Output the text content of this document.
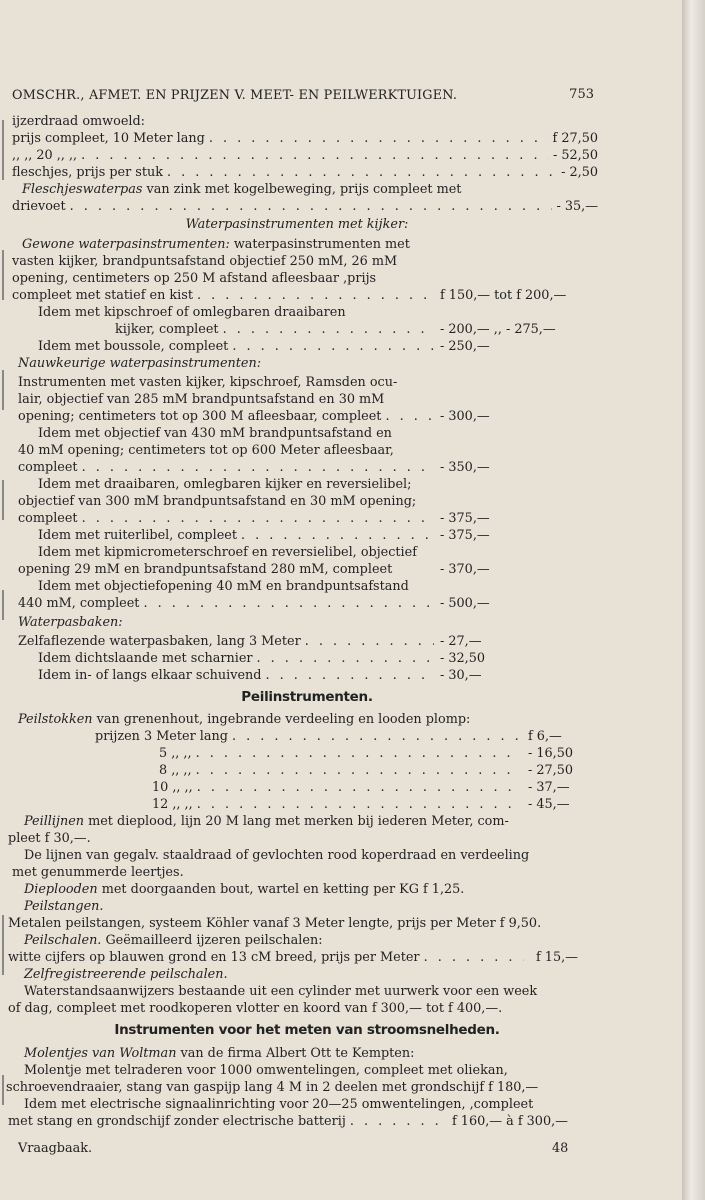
OMSCHR., AFMET. EN PRIJZEN V. MEET- EN PEILWERKTUIGEN.	753
ijzerdraad omwoeld:
prijs compleet, 10 Meter lang . . .	f 27,50
,, ,, 20 ,, ,, . . .	- 52,50
fleschjes, prijs per stuk . . .	- 2,50
Fleschjeswaterpas van zink met kogelbeweging, prijs compleet met
drievoet . . .	- 35,—
Waterpasinstrumenten met kijker:
Gewone waterpasinstrumenten: waterpasinstrumenten met
vasten kijker, brandpuntsafstand objectief 250 mM, 26 mM
opening, centimeters op 250 M afstand afleesbaar ,prijs
compleet met statief en kist . . .	f 150,— tot f 200,—
Idem met kipschroef of omlegbaren draaibaren
kijker, compleet . . .	- 200,— ,, - 275,—
Idem met boussole, compleet . . .	- 250,—
Nauwkeurige waterpasinstrumenten:
Instrumenten met vasten kijker, kipschroef, Ramsden ocu-
lair, objectief van 285 mM brandpuntsafstand en 30 mM
opening; centimeters tot op 300 M afleesbaar, compleet . . .	- 300,—
Idem met objectief van 430 mM brandpuntsafstand en
40 mM opening; centimeters tot op 600 Meter afleesbaar,
compleet . . .	- 350,—
Idem met draaibaren, omlegbaren kijker en reversielibel;
objectief van 300 mM brandpuntsafstand en 30 mM opening;
compleet . . .	- 375,—
Idem met ruiterlibel, compleet . . .	- 375,—
Idem met kipmicrometerschroef en reversielibel, objectief
opening 29 mM en brandpuntsafstand 280 mM, compleet	- 370,—
Idem met objectiefopening 40 mM en brandpuntsafstand
440 mM, compleet . . .	- 500,—
Waterpasbaken:
Zelfaflezende waterpasbaken, lang 3 Meter . . .	- 27,—
Idem dichtslaande met scharnier . . .	- 32,50
Idem in- of langs elkaar schuivend . . .	- 30,—
Peilinstrumenten.
Peilstokken van grenenhout, ingebrande verdeeling en looden plomp:
prijzen 3 Meter lang . . .	f 6,—
5 ,, ,, . . .	- 16,50
8 ,, ,, . . .	- 27,50
10 ,, ,, . . .	- 37,—
12 ,, ,, . . .	- 45,—
Peillijnen met dieplood, lijn 20 M lang met merken bij iederen Meter, com-
pleet f 30,—.
De lijnen van gegalv. staaldraad of gevlochten rood koperdraad en verdeeling
met genummerde leertjes.
Dieplooden met doorgaanden bout, wartel en ketting per KG f 1,25.
Peilstangen.
Metalen peilstangen, systeem Köhler vanaf 3 Meter lengte, prijs per Meter f 9,50.
Peilschalen. Geëmailleerd ijzeren peilschalen:
witte cijfers op blauwen grond en 13 cM breed, prijs per Meter . . .	f 15,—
Zelfregistreerende peilschalen.
Waterstandsaanwijzers bestaande uit een cylinder met uurwerk voor een week
of dag, compleet met roodkoperen vlotter en koord van f 300,— tot f 400,—.
Instrumenten voor het meten van stroomsnelheden.
Molentjes van Woltman van de firma Albert Ott te Kempten:
Molentje met telraderen voor 1000 omwentelingen, compleet met oliekan,
schroevendraaier, stang van gaspijp lang 4 M in 2 deelen met grondschijf f 180,—
Idem met electrische signaalinrichting voor 20—25 omwentelingen, ,compleet
met stang en grondschijf zonder electrische batterij . . .	f 160,— à f 300,—
Vraagbaak.	48
